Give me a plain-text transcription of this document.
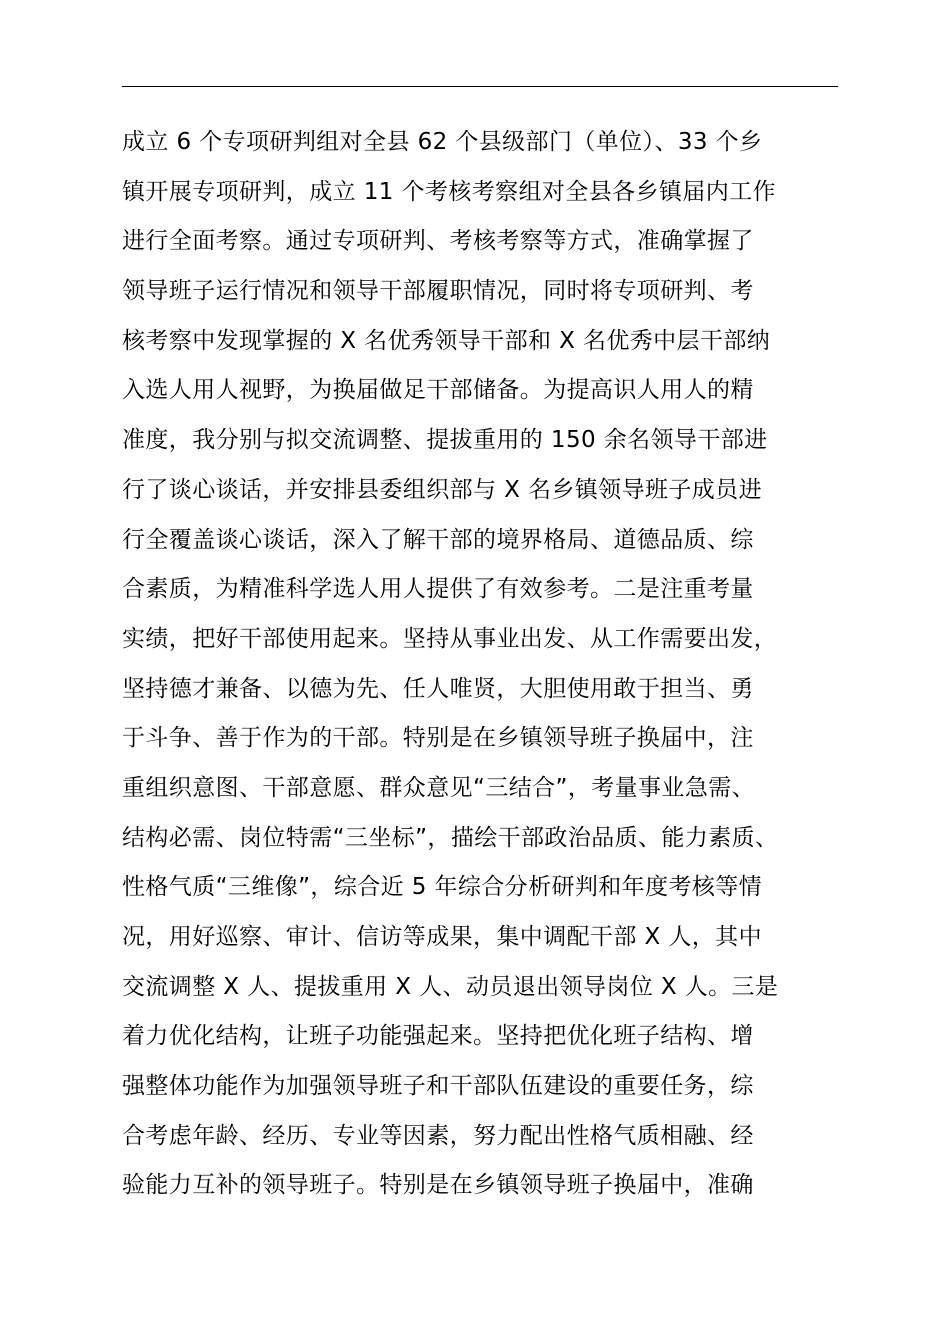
成立 6 个专项研判组对全县 62 个县级部门（单位）、33 个乡
镇开展专项研判，成立 11 个考核考察组对全县各乡镇届内工作
进行全面考察。通过专项研判、考核考察等方式，准确掌握了
领导班子运行情况和领导干部履职情况，同时将专项研判、考
核考察中发现掌握的 X 名优秀领导干部和 X 名优秀中层干部纳
入选人用人视野，为换届做足干部储备。为提高识人用人的精
准度，我分别与拟交流调整、提拔重用的 150 余名领导干部进
行了谈心谈话，并安排县委组织部与 X 名乡镇领导班子成员进
行全覆盖谈心谈话，深入了解干部的境界格局、道德品质、综
合素质，为精准科学选人用人提供了有效参考。二是注重考量
实绩，把好干部使用起来。坚持从事业出发、从工作需要出发，
坚持德才兼备、以德为先、任人唯贤，大胆使用敢于担当、勇
于斗争、善于作为的干部。特别是在乡镇领导班子换届中，注
重组织意图、干部意愿、群众意见“三结合”，考量事业急需、
结构必需、岗位特需“三坐标”，描绘干部政治品质、能力素质、
性格气质“三维像”，综合近 5 年综合分析研判和年度考核等情
况，用好巡察、审计、信访等成果，集中调配干部 X 人，其中
交流调整 X 人、提拔重用 X 人、动员退出领导岗位 X 人。三是
着力优化结构，让班子功能强起来。坚持把优化班子结构、增
强整体功能作为加强领导班子和干部队伍建设的重要任务，综
合考虑年龄、经历、专业等因素，努力配出性格气质相融、经
验能力互补的领导班子。特别是在乡镇领导班子换届中，准确
